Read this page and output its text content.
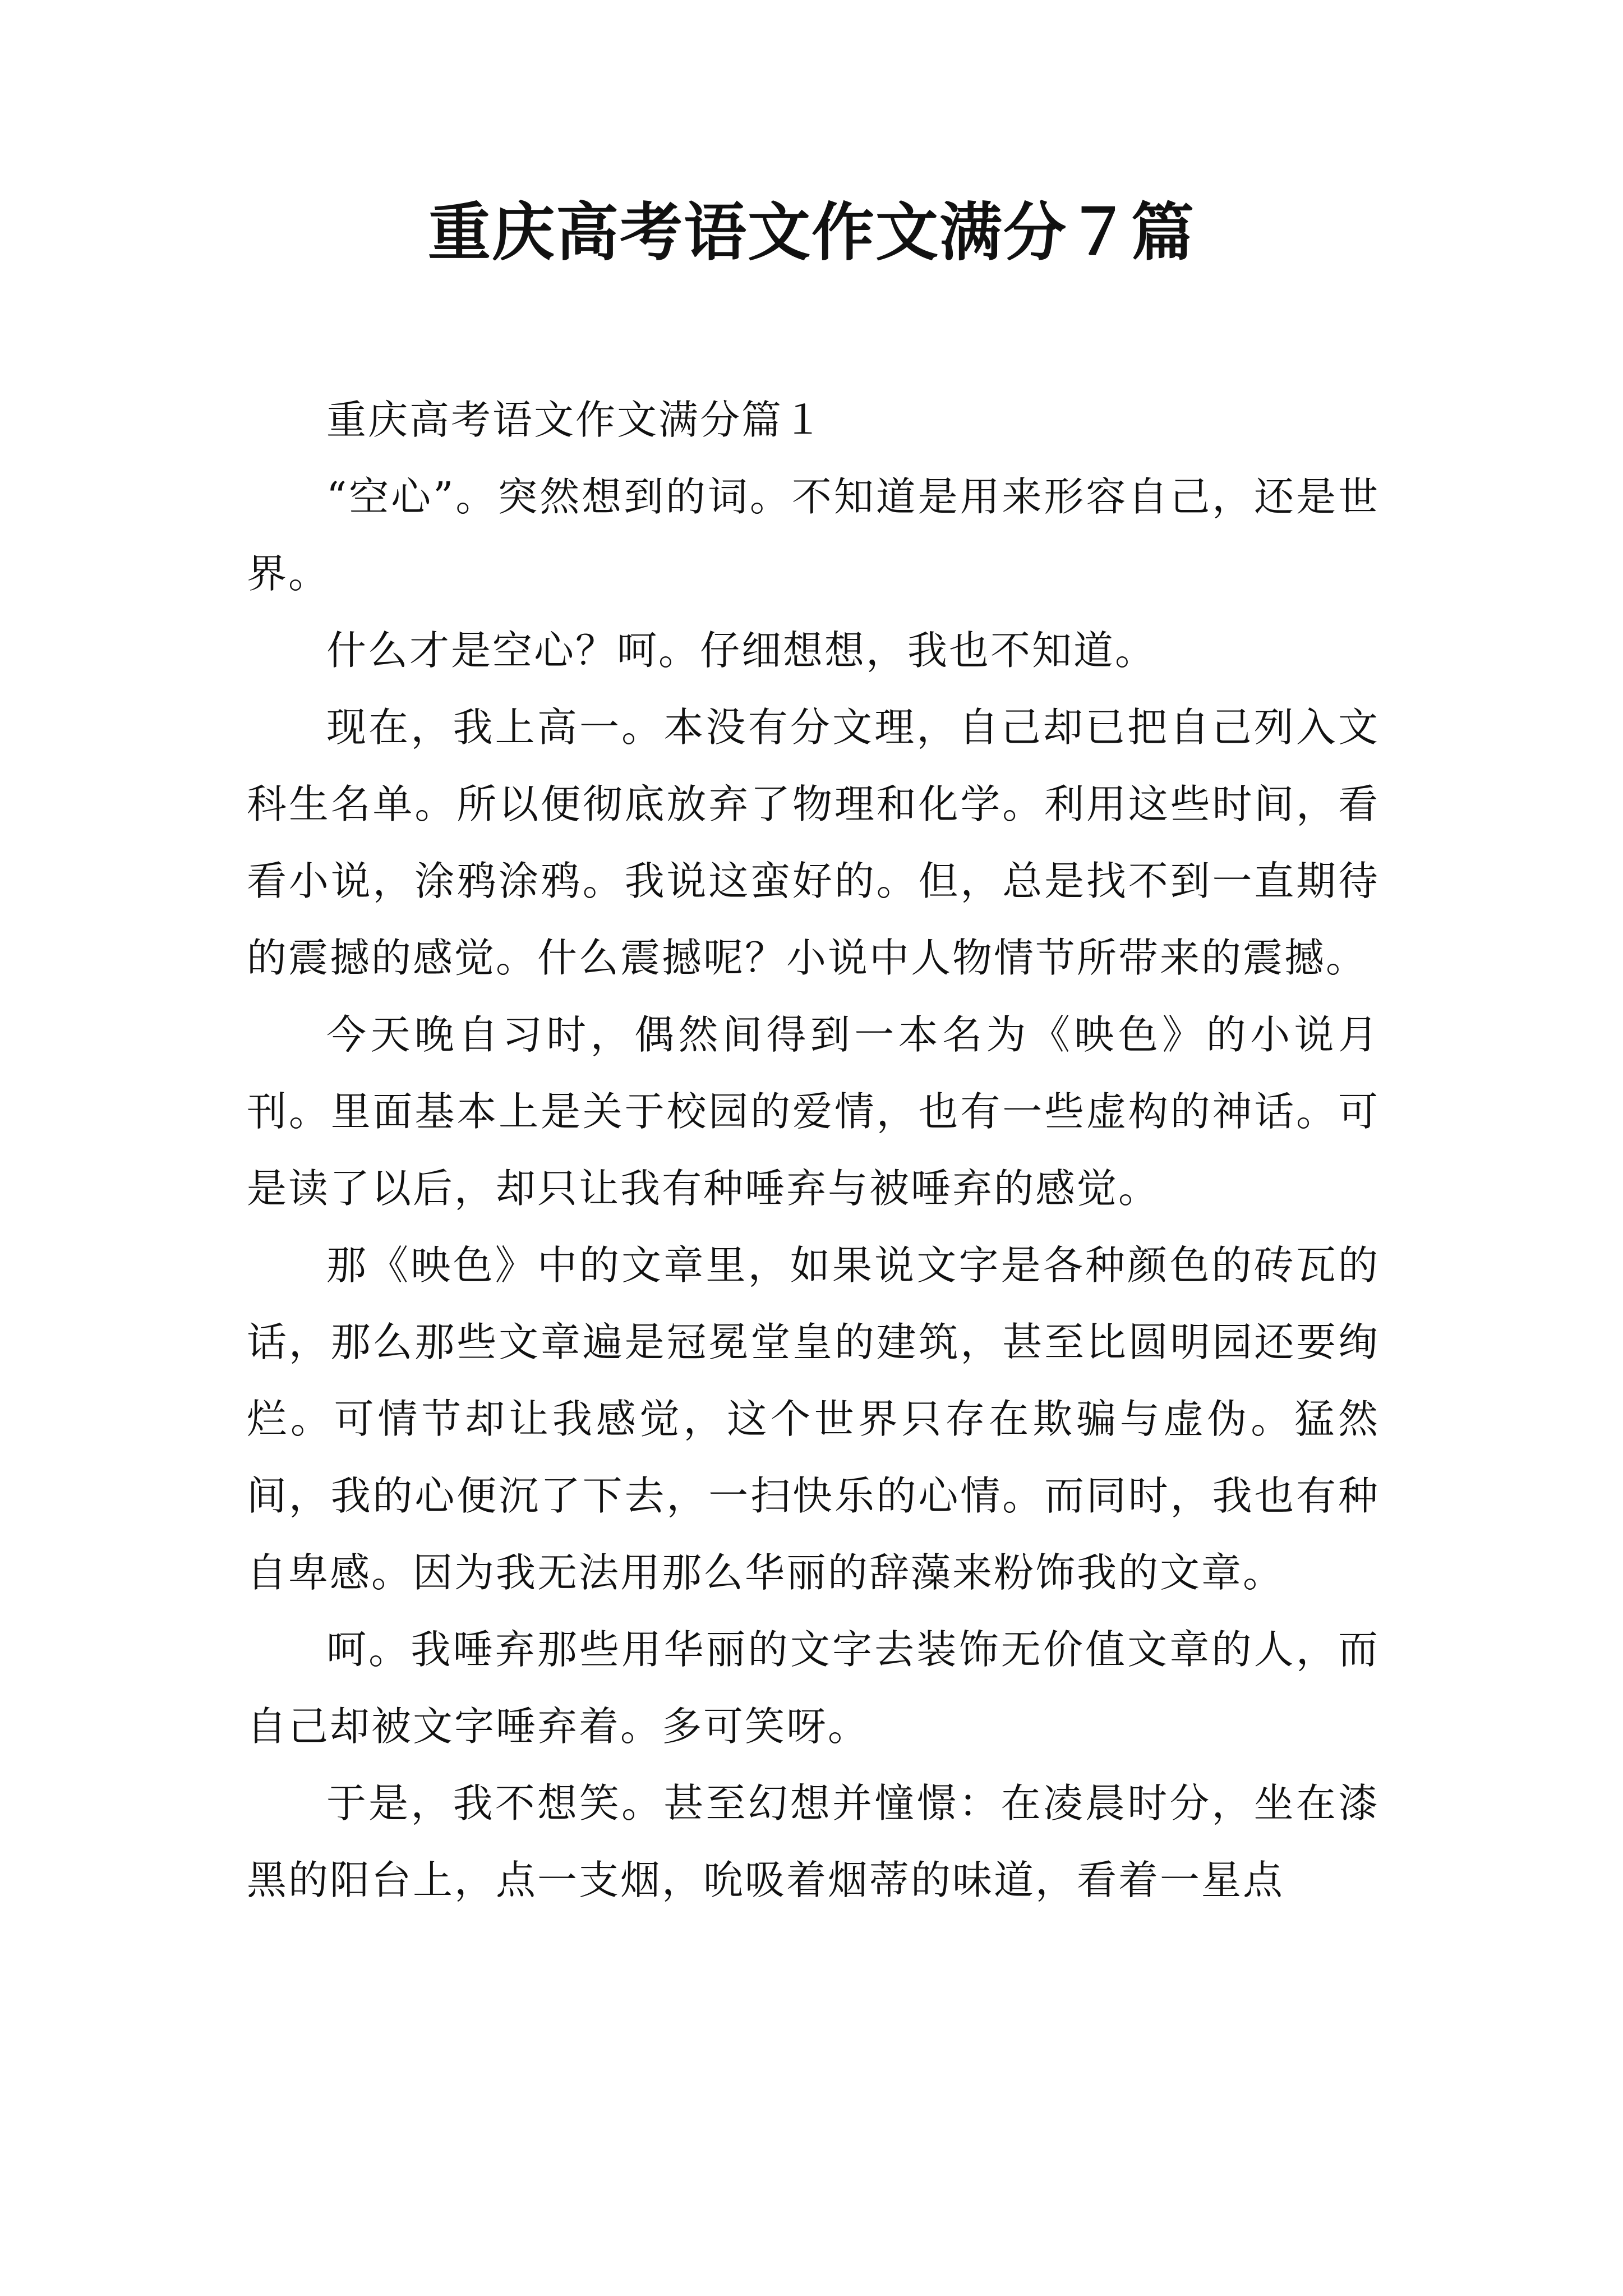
重庆高考语文作文满分７篇

重庆高考语文作文满分篇１

“空心”。突然想到的词。不知道是用来形容自己，还是世界。

什么才是空心？呵。仔细想想，我也不知道。

现在，我上高一。本没有分文理，自己却已把自己列入文科生名单。所以便彻底放弃了物理和化学。利用这些时间，看看小说，涂鸦涂鸦。我说这蛮好的。但，总是找不到一直期待的震撼的感觉。什么震撼呢？小说中人物情节所带来的震撼。

今天晚自习时，偶然间得到一本名为《映色》的小说月刊。里面基本上是关于校园的爱情，也有一些虚构的神话。可是读了以后，却只让我有种唾弃与被唾弃的感觉。

那《映色》中的文章里，如果说文字是各种颜色的砖瓦的话，那么那些文章遍是冠冕堂皇的建筑，甚至比圆明园还要绚烂。可情节却让我感觉，这个世界只存在欺骗与虚伪。猛然间，我的心便沉了下去，一扫快乐的心情。而同时，我也有种自卑感。因为我无法用那么华丽的辞藻来粉饰我的文章。

呵。我唾弃那些用华丽的文字去装饰无价值文章的人，而自己却被文字唾弃着。多可笑呀。

于是，我不想笑。甚至幻想并憧憬：在凌晨时分，坐在漆黑的阳台上，点一支烟，吮吸着烟蒂的味道，看着一星点
